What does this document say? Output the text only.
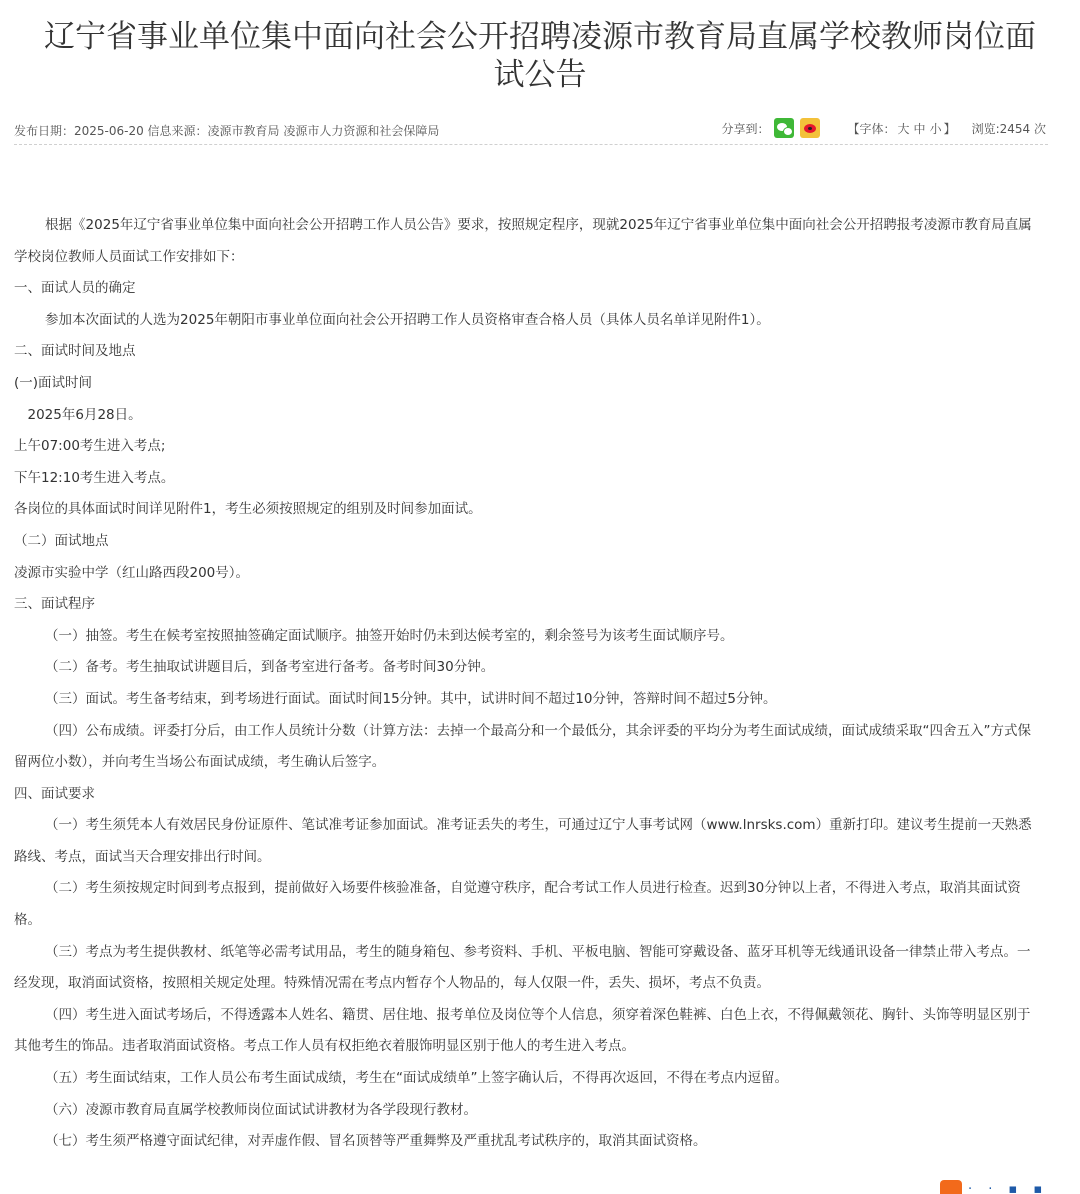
辽宁省事业单位集中面向社会公开招聘凌源市教育局直属学校教师岗位面试公告
发布日期：2025-06-20 信息来源：凌源市教育局 凌源市人力资源和社会保障局	分享到：	【字体： 大 中 小 】 浏览:2454 次

根据《2025年辽宁省事业单位集中面向社会公开招聘工作人员公告》要求，按照规定程序，现就2025年辽宁省事业单位集中面向社会公开招聘报考凌源市教育局直属学校岗位教师人员面试工作安排如下：

一、面试人员的确定

参加本次面试的人选为2025年朝阳市事业单位面向社会公开招聘工作人员资格审查合格人员（具体人员名单详见附件1）。

二、面试时间及地点

(一)面试时间

2025年6月28日。

上午07:00考生进入考点;

下午12:10考生进入考点。

各岗位的具体面试时间详见附件1，考生必须按照规定的组别及时间参加面试。

（二）面试地点

凌源市实验中学（红山路西段200号）。

三、面试程序

（一）抽签。考生在候考室按照抽签确定面试顺序。抽签开始时仍未到达候考室的，剩余签号为该考生面试顺序号。

（二）备考。考生抽取试讲题目后，到备考室进行备考。备考时间30分钟。

（三）面试。考生备考结束，到考场进行面试。面试时间15分钟。其中，试讲时间不超过10分钟，答辩时间不超过5分钟。

（四）公布成绩。评委打分后，由工作人员统计分数（计算方法：去掉一个最高分和一个最低分，其余评委的平均分为考生面试成绩，面试成绩采取“四舍五入”方式保留两位小数），并向考生当场公布面试成绩，考生确认后签字。

四、面试要求

（一）考生须凭本人有效居民身份证原件、笔试准考证参加面试。准考证丢失的考生，可通过辽宁人事考试网（www.lnrsks.com）重新打印。建议考生提前一天熟悉路线、考点，面试当天合理安排出行时间。

（二）考生须按规定时间到考点报到，提前做好入场要件核验准备，自觉遵守秩序，配合考试工作人员进行检查。迟到30分钟以上者，不得进入考点，取消其面试资格。

（三）考点为考生提供教材、纸笔等必需考试用品，考生的随身箱包、参考资料、手机、平板电脑、智能可穿戴设备、蓝牙耳机等无线通讯设备一律禁止带入考点。一经发现，取消面试资格，按照相关规定处理。特殊情况需在考点内暂存个人物品的，每人仅限一件，丢失、损坏，考点不负责。

（四）考生进入面试考场后，不得透露本人姓名、籍贯、居住地、报考单位及岗位等个人信息，须穿着深色鞋裤、白色上衣，不得佩戴领花、胸针、头饰等明显区别于其他考生的饰品。违者取消面试资格。考点工作人员有权拒绝衣着服饰明显区别于他人的考生进入考点。

（五）考生面试结束，工作人员公布考生面试成绩，考生在“面试成绩单”上签字确认后，不得再次返回，不得在考点内逗留。

（六）凌源市教育局直属学校教师岗位面试试讲教材为各学段现行教材。

（七）考生须严格遵守面试纪律，对弄虚作假、冒名顶替等严重舞弊及严重扰乱考试秩序的，取消其面试资格。

· · ▪ ▪
